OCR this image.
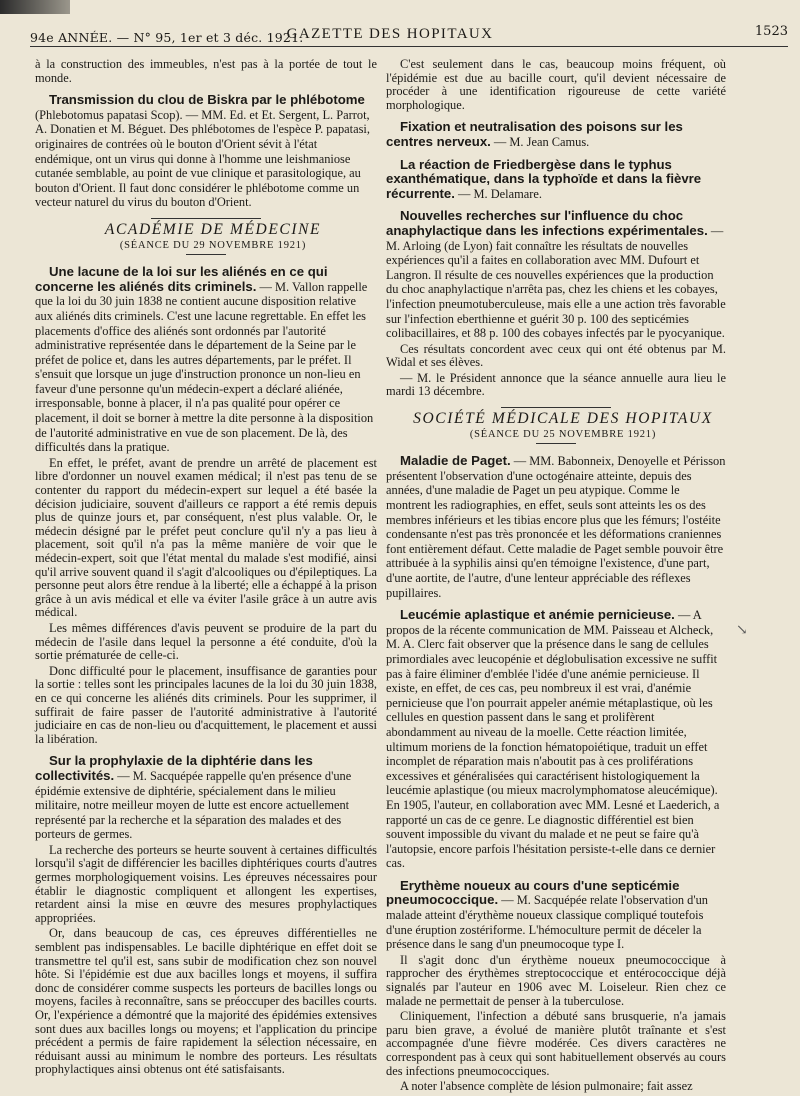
94e ANNÉE. — N° 95, 1er et 3 déc. 1921.
GAZETTE DES HOPITAUX	1523

à la construction des immeubles, n'est pas à la portée de tout le monde.

Transmission du clou de Biskra par le phlébotome (Phlebotomus papatasi Scop). — MM. Ed. et Et. Sergent, L. Parrot, A. Donatien et M. Béguet. Des phlébotomes de l'espèce P. papatasi, originaires de contrées où le bouton d'Orient sévit à l'état endémique, ont un virus qui donne à l'homme une leishmaniose cutanée semblable, au point de vue clinique et parasitologique, au bouton d'Orient. Il faut donc considérer le phlébotome comme un vecteur naturel du virus du bouton d'Orient.

ACADÉMIE DE MÉDECINE

(SÉANCE DU 29 NOVEMBRE 1921)

Une lacune de la loi sur les aliénés en ce qui concerne les aliénés dits criminels. — M. Vallon rappelle que la loi du 30 juin 1838 ne contient aucune disposition relative aux aliénés dits criminels. C'est une lacune regrettable. En effet les placements d'office des aliénés sont ordonnés par l'autorité administrative représentée dans le département de la Seine par le préfet de police et, dans les autres départements, par le préfet. Il s'ensuit que lorsque un juge d'instruction prononce un non-lieu en faveur d'une personne qu'un médecin-expert a déclaré aliénée, irresponsable, bonne à placer, il n'a pas qualité pour opérer ce placement, il doit se borner à mettre la dite personne à la disposition de l'autorité administrative en vue de son placement. De là, des difficultés dans la pratique.

En effet, le préfet, avant de prendre un arrêté de placement est libre d'ordonner un nouvel examen médical; il n'est pas tenu de se contenter du rapport du médecin-expert sur lequel a été basée la décision judiciaire, souvent d'ailleurs ce rapport a été remis depuis plus de quinze jours et, par conséquent, n'est plus valable. Or, le médecin désigné par le préfet peut conclure qu'il n'y a pas lieu à placement, soit qu'il n'a pas la même manière de voir que le médecin-expert, soit que l'état mental du malade s'est modifié, ainsi qu'il arrive souvent quand il s'agit d'alcooliques ou d'épileptiques. La personne peut alors être rendue à la liberté; elle a échappé à la prison grâce à un avis médical et elle va éviter l'asile grâce à un autre avis médical.

Les mêmes différences d'avis peuvent se produire de la part du médecin de l'asile dans lequel la personne a été conduite, d'où la sortie prématurée de celle-ci.

Donc difficulté pour le placement, insuffisance de garanties pour la sortie : telles sont les principales lacunes de la loi du 30 juin 1838, en ce qui concerne les aliénés dits criminels. Pour les supprimer, il suffirait de faire passer de l'autorité administrative à l'autorité judiciaire en cas de non-lieu ou d'acquittement, le placement et aussi la libération.

Sur la prophylaxie de la diphtérie dans les collectivités. — M. Sacquépée rappelle qu'en présence d'une épidémie extensive de diphtérie, spécialement dans le milieu militaire, notre meilleur moyen de lutte est encore actuellement représenté par la recherche et la séparation des malades et des porteurs de germes.

La recherche des porteurs se heurte souvent à certaines difficultés lorsqu'il s'agit de différencier les bacilles diphtériques courts d'autres germes morphologiquement voisins. Les épreuves nécessaires pour établir le diagnostic compliquent et allongent les expertises, retardent ainsi la mise en œuvre des mesures prophylactiques appropriées.

Or, dans beaucoup de cas, ces épreuves différentielles ne semblent pas indispensables. Le bacille diphtérique en effet doit se transmettre tel qu'il est, sans subir de modification chez son nouvel hôte. Si l'épidémie est due aux bacilles longs et moyens, il suffira donc de considérer comme suspects les porteurs de bacilles longs ou moyens, faciles à reconnaître, sans se préoccuper des bacilles courts. Or, l'expérience a démontré que la majorité des épidémies extensives sont dues aux bacilles longs ou moyens; et l'application du principe précédent a permis de faire rapidement la sélection nécessaire, en réduisant aussi au minimum le nombre des porteurs. Les résultats prophylactiques ainsi obtenus ont été satisfaisants.

C'est seulement dans le cas, beaucoup moins fréquent, où l'épidémie est due au bacille court, qu'il devient nécessaire de procéder à une identification rigoureuse de cette variété morphologique.

Fixation et neutralisation des poisons sur les centres nerveux. — M. Jean Camus.
La réaction de Friedbergèse dans le typhus exanthématique, dans la typhoïde et dans la fièvre récurrente. — M. Delamare.
Nouvelles recherches sur l'influence du choc anaphylactique dans les infections expérimentales. — M. Arloing (de Lyon) fait connaître les résultats de nouvelles expériences qu'il a faites en collaboration avec MM. Dufourt et Langron. Il résulte de ces nouvelles expériences que la production du choc anaphylactique n'arrêta pas, chez les chiens et les cobayes, l'infection pneumotuberculeuse, mais elle a une action très favorable sur l'infection eberthienne et guérit 30 p. 100 des septicémies colibacillaires, et 88 p. 100 des cobayes infectés par le pyocyanique.

Ces résultats concordent avec ceux qui ont été obtenus par M. Widal et ses élèves.

— M. le Président annonce que la séance annuelle aura lieu le mardi 13 décembre.

SOCIÉTÉ MÉDICALE DES HOPITAUX

(SÉANCE DU 25 NOVEMBRE 1921)

Maladie de Paget. — MM. Babonneix, Denoyelle et Périsson présentent l'observation d'une octogénaire atteinte, depuis des années, d'une maladie de Paget un peu atypique. Comme le montrent les radiographies, en effet, seuls sont atteints les os des membres inférieurs et les tibias encore plus que les fémurs; l'ostéite condensante n'est pas très prononcée et les déformations craniennes font entièrement défaut. Cette maladie de Paget semble pouvoir être attribuée à la syphilis ainsi qu'en témoigne l'existence, d'une part, d'une aortite, de l'autre, d'une lenteur appréciable des réflexes pupillaires.
Leucémie aplastique et anémie pernicieuse. — A propos de la récente communication de MM. Paisseau et Alcheck, M. A. Clerc fait observer que la présence dans le sang de cellules primordiales avec leucopénie et déglobulisation excessive ne suffit pas à faire éliminer d'emblée l'idée d'une anémie pernicieuse. Il existe, en effet, de ces cas, peu nombreux il est vrai, d'anémie pernicieuse que l'on pourrait appeler anémie métaplastique, où les cellules en question passent dans le sang et prolifèrent abondamment au niveau de la moelle. Cette réaction limitée, ultimum moriens de la fonction hématopoiétique, traduit un effet incomplet de réparation mais n'aboutit pas à ces proliférations excessives et généralisées qui caractérisent histologiquement la leucémie aplastique (ou mieux macrolymphomatose aleucémique). En 1905, l'auteur, en collaboration avec MM. Lesné et Laederich, a rapporté un cas de ce genre. Le diagnostic différentiel est bien souvent impossible du vivant du malade et ne peut se faire qu'à l'autopsie, encore parfois l'hésitation persiste-t-elle dans ce dernier cas.
Erythème noueux au cours d'une septicémie pneumococcique. — M. Sacquépée relate l'observation d'un malade atteint d'érythème noueux classique compliqué toutefois d'une éruption zostériforme. L'hémoculture permit de déceler la présence dans le sang d'un pneumocoque type I.

Il s'agit donc d'un érythème noueux pneumococcique à rapprocher des érythèmes streptococcique et entérococcique déjà signalés par l'auteur en 1906 avec M. Loiseleur. Rien chez ce malade ne permettait de penser à la tuberculose.

Cliniquement, l'infection a débuté sans brusquerie, n'a jamais paru bien grave, a évolué de manière plutôt traînante et s'est accompagnée d'une fièvre modérée. Ces divers caractères ne correspondent pas à ceux qui sont habituellement observés au cours des infections pneumococciques.

A noter l'absence complète de lésion pulmonaire; fait assez

↘
